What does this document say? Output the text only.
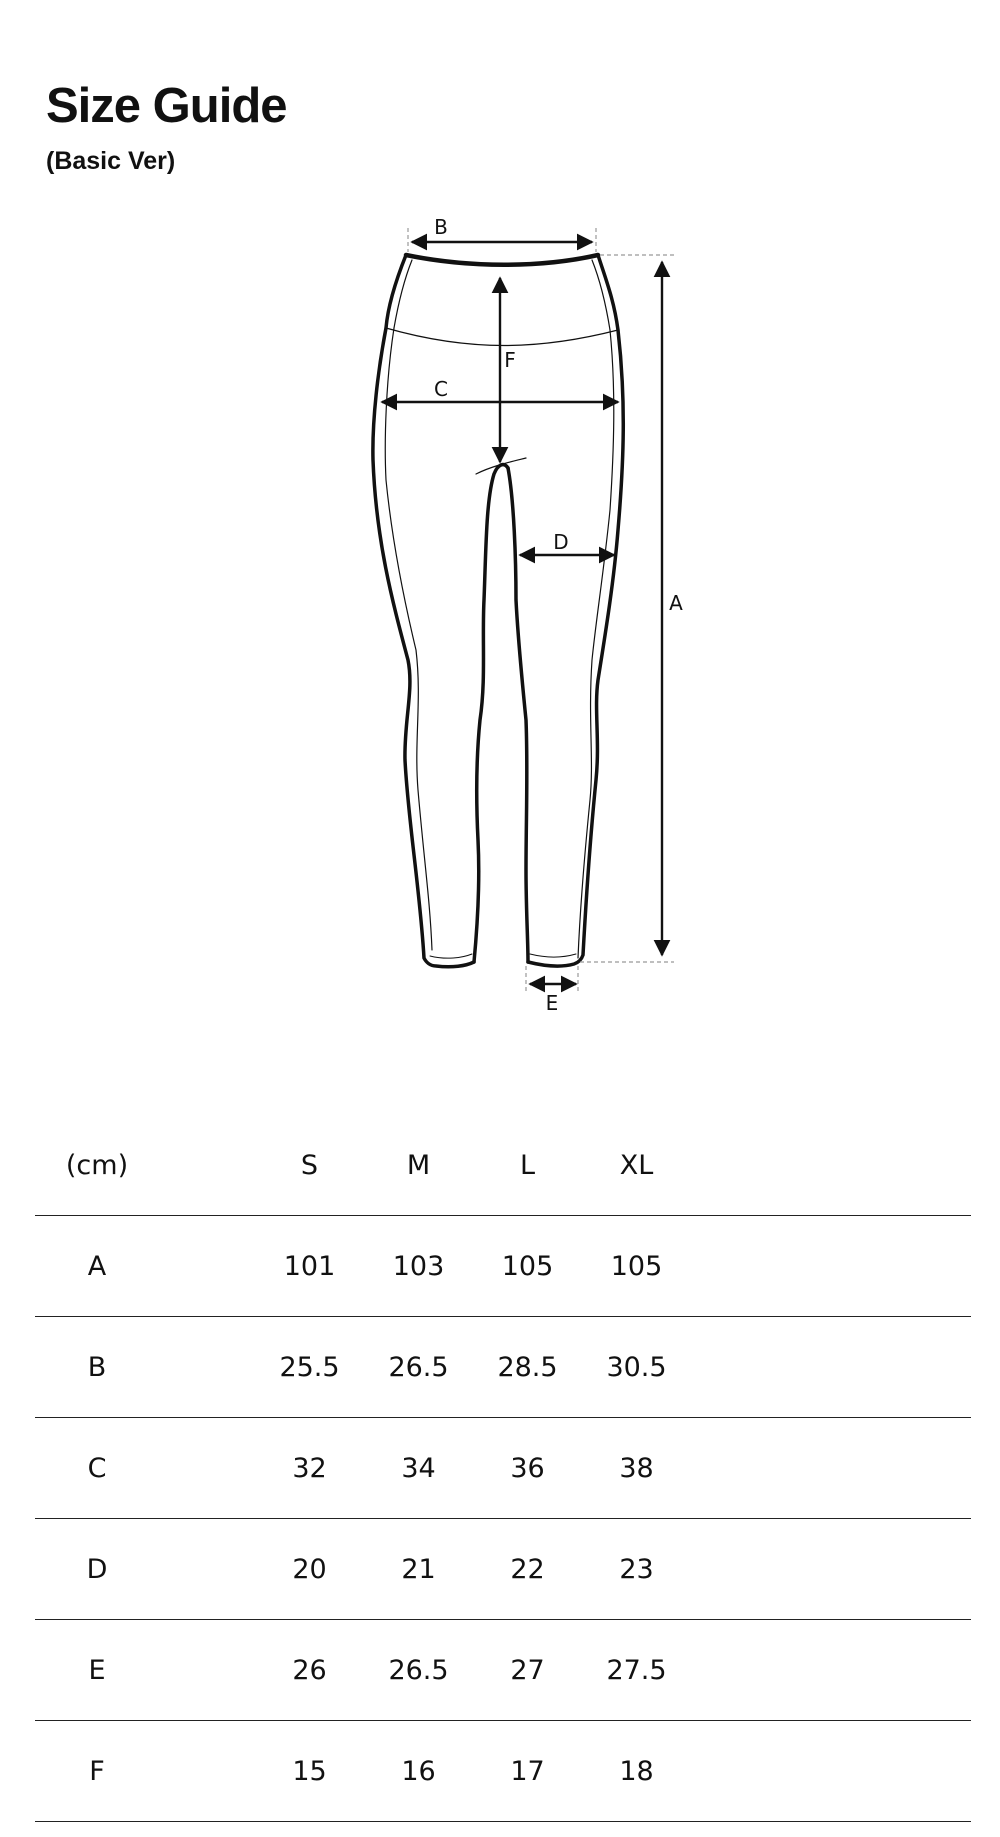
Size Guide
(Basic Ver)
B
F
C
D
A
E
(cm)	S	M	L	XL
A	101	103	105	105
B	25.5	26.5	28.5	30.5
C	32	34	36	38
D	20	21	22	23
E	26	26.5	27	27.5
F	15	16	17	18
